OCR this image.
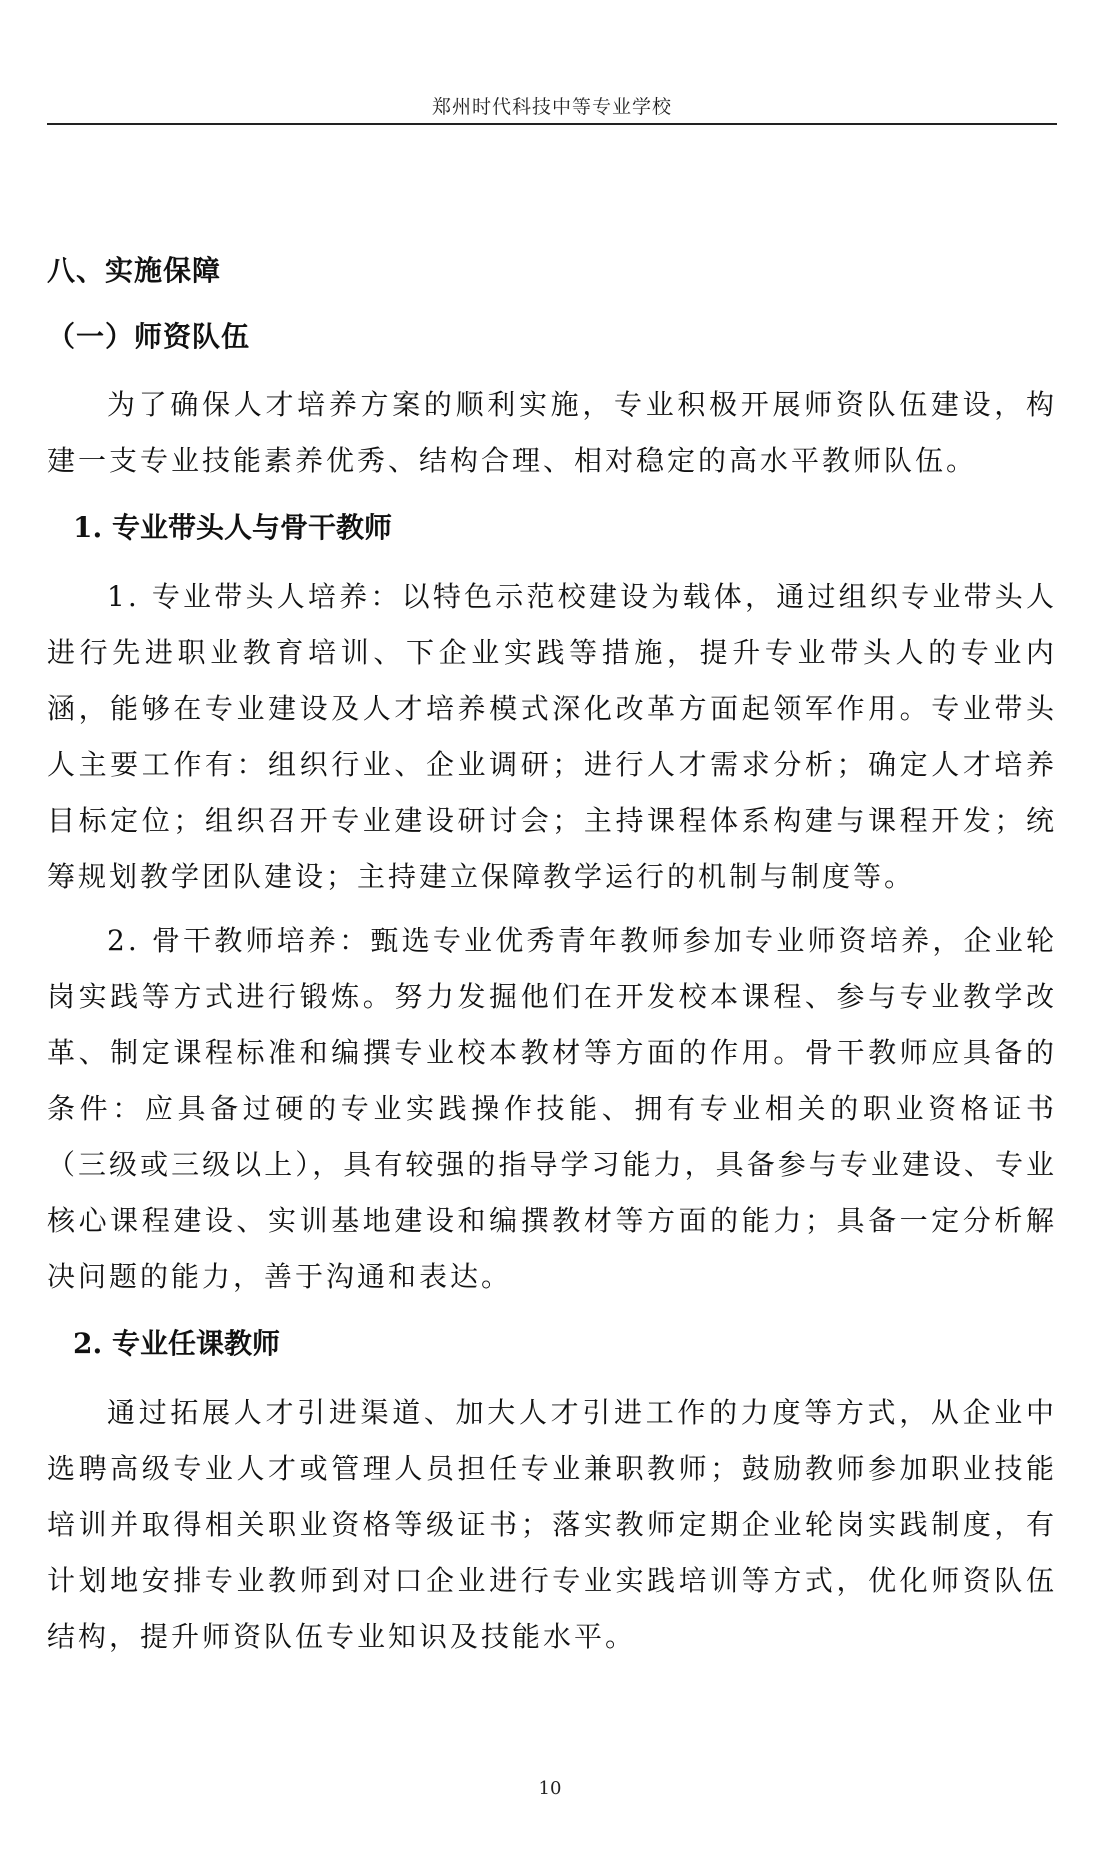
郑州时代科技中等专业学校
八、实施保障
（一）师资队伍

为了确保人才培养方案的顺利实施，专业积极开展师资队伍建设，构建一支专业技能素养优秀、结构合理、相对稳定的高水平教师队伍。

1. 专业带头人与骨干教师

1. 专业带头人培养：以特色示范校建设为载体，通过组织专业带头人进行先进职业教育培训、下企业实践等措施，提升专业带头人的专业内涵，能够在专业建设及人才培养模式深化改革方面起领军作用。专业带头人主要工作有：组织行业、企业调研；进行人才需求分析；确定人才培养目标定位；组织召开专业建设研讨会；主持课程体系构建与课程开发；统筹规划教学团队建设；主持建立保障教学运行的机制与制度等。

2. 骨干教师培养：甄选专业优秀青年教师参加专业师资培养，企业轮岗实践等方式进行锻炼。努力发掘他们在开发校本课程、参与专业教学改革、制定课程标准和编撰专业校本教材等方面的作用。骨干教师应具备的条件：应具备过硬的专业实践操作技能、拥有专业相关的职业资格证书（三级或三级以上），具有较强的指导学习能力，具备参与专业建设、专业核心课程建设、实训基地建设和编撰教材等方面的能力；具备一定分析解决问题的能力，善于沟通和表达。

2. 专业任课教师

通过拓展人才引进渠道、加大人才引进工作的力度等方式，从企业中选聘高级专业人才或管理人员担任专业兼职教师；鼓励教师参加职业技能培训并取得相关职业资格等级证书；落实教师定期企业轮岗实践制度，有计划地安排专业教师到对口企业进行专业实践培训等方式，优化师资队伍结构，提升师资队伍专业知识及技能水平。

10
